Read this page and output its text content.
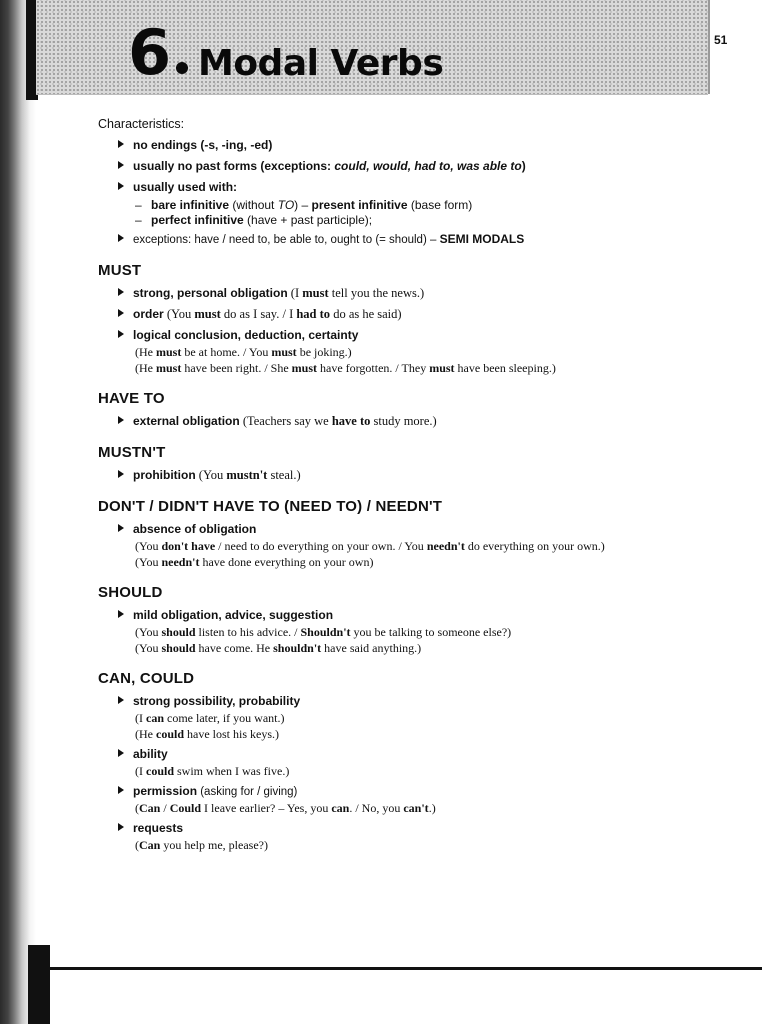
6 Modal Verbs
51
Characteristics:
no endings (-s, -ing, -ed)
usually no past forms (exceptions: could, would, had to, was able to)
usually used with:
– bare infinitive (without TO) – present infinitive (base form)
– perfect infinitive (have + past participle);
exceptions: have / need to, be able to, ought to (= should) – SEMI MODALS
MUST
strong, personal obligation (I must tell you the news.)
order (You must do as I say. / I had to do as he said)
logical conclusion, deduction, certainty
(He must be at home. / You must be joking.)
(He must have been right. / She must have forgotten. / They must have been sleeping.)
HAVE TO
external obligation (Teachers say we have to study more.)
MUSTN'T
prohibition (You mustn't steal.)
DON'T / DIDN'T HAVE TO (NEED TO) / NEEDN'T
absence of obligation
(You don't have / need to do everything on your own. / You needn't do everything on your own.)
(You needn't have done everything on your own)
SHOULD
mild obligation, advice, suggestion
(You should listen to his advice. / Shouldn't you be talking to someone else?)
(You should have come. He shouldn't have said anything.)
CAN, COULD
strong possibility, probability
(I can come later, if you want.)
(He could have lost his keys.)
ability
(I could swim when I was five.)
permission (asking for / giving)
(Can / Could I leave earlier? – Yes, you can. / No, you can't.)
requests
(Can you help me, please?)
